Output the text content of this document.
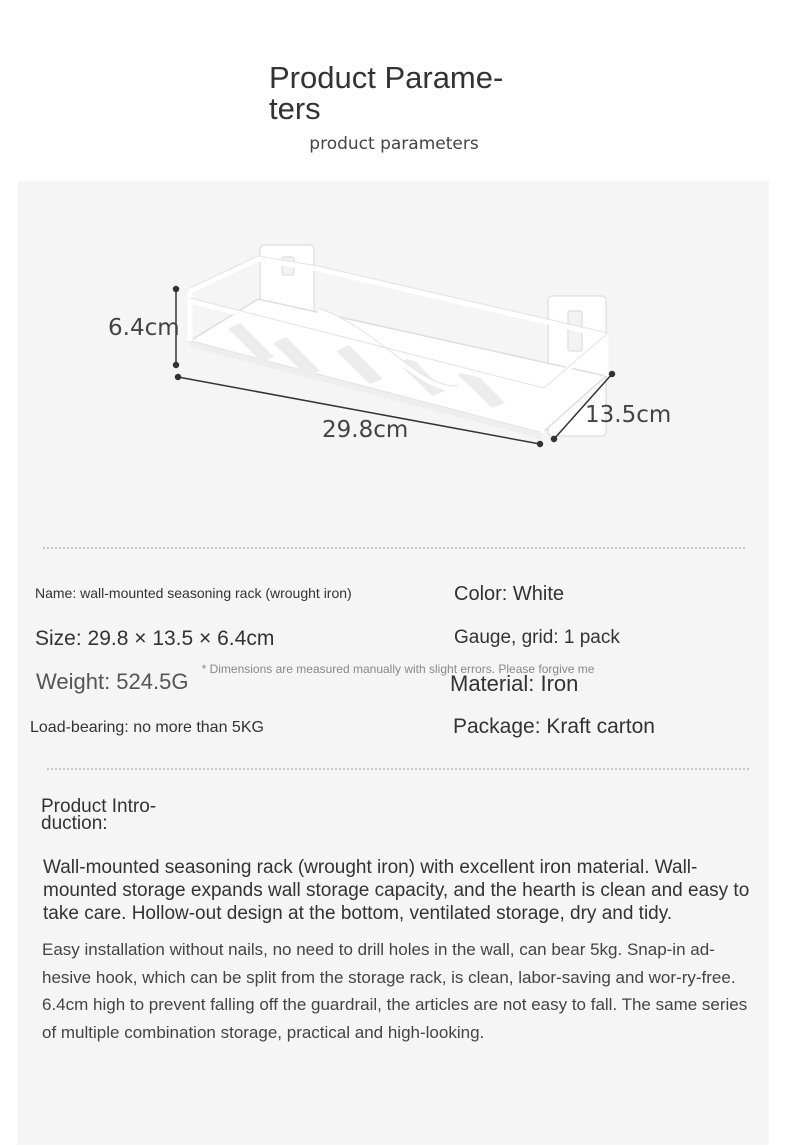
Product Parame-
ters
product parameters
6.4cm
29.8cm
13.5cm
* Dimensions are measured manually with slight errors. Please forgive me
Name: wall-mounted seasoning rack (wrought iron)	Color: White
Size: 29.8 × 13.5 × 6.4cm	Gauge, grid: 1 pack
Weight: 524.5G	Material: Iron
Load-bearing: no more than 5KG	Package: Kraft carton
Product Intro-
duction:
Wall-mounted seasoning rack (wrought iron) with excellent iron material. Wall-mounted storage expands wall storage capacity, and the hearth is clean and easy to take care. Hollow-out design at the bottom, ventilated storage, dry and tidy.
Easy installation without nails, no need to drill holes in the wall, can bear 5kg. Snap-in ad-hesive hook, which can be split from the storage rack, is clean, labor-saving and wor-ry-free. 6.4cm high to prevent falling off the guardrail, the articles are not easy to fall. The same series of multiple combination storage, practical and high-looking.
